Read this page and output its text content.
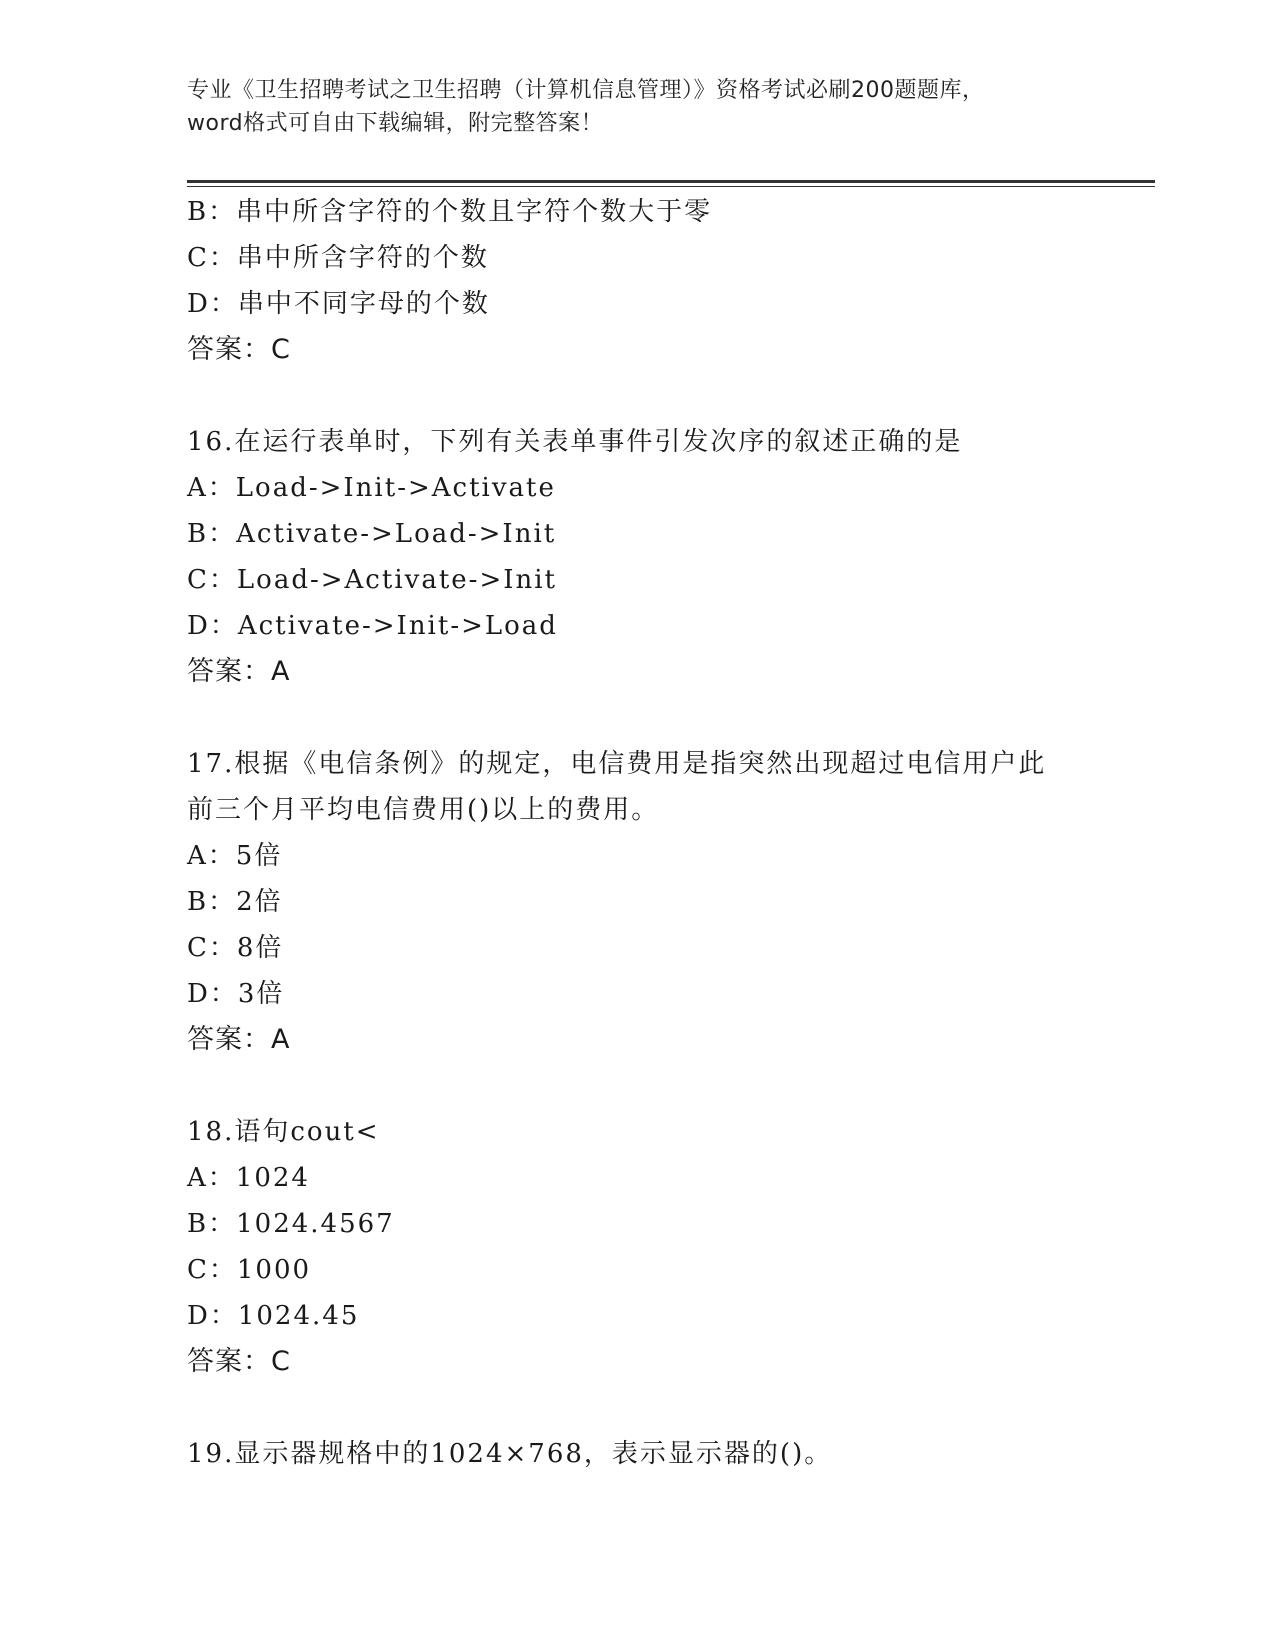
专业《卫生招聘考试之卫生招聘（计算机信息管理）》资格考试必刷200题题库，
word格式可自由下载编辑，附完整答案！
B：串中所含字符的个数且字符个数大于零
C：串中所含字符的个数
D：串中不同字母的个数
答案：C
16.在运行表单时，下列有关表单事件引发次序的叙述正确的是
A：Load->Init->Activate
B：Activate->Load->Init
C：Load->Activate->Init
D：Activate->Init->Load
答案：A
17.根据《电信条例》的规定，电信费用是指突然出现超过电信用户此
前三个月平均电信费用()以上的费用。
A：5倍
B：2倍
C：8倍
D：3倍
答案：A
18.语句cout<
A：1024
B：1024.4567
C：1000
D：1024.45
答案：C
19.显示器规格中的1024×768，表示显示器的()。
